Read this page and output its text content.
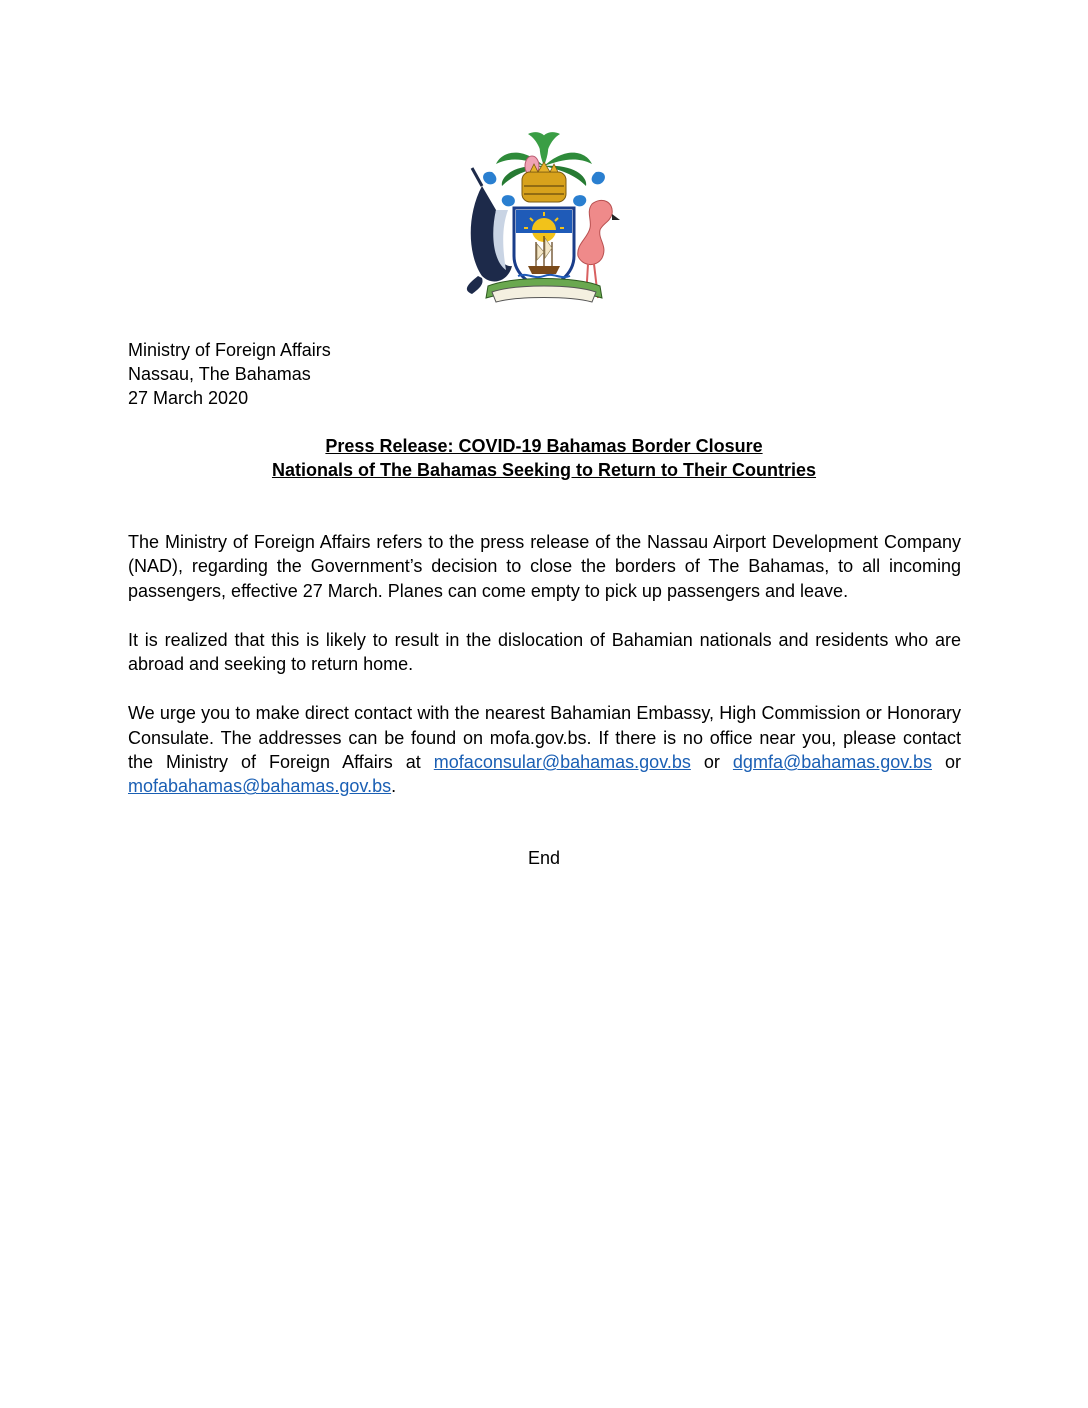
Ministry of Foreign Affairs
Nassau, The Bahamas
27 March 2020
Press Release: COVID-19 Bahamas Border Closure
Nationals of The Bahamas Seeking to Return to Their Countries

The Ministry of Foreign Affairs refers to the press release of the Nassau Airport Development Company (NAD), regarding the Government’s decision to close the borders of The Bahamas, to all incoming passengers, effective 27 March. Planes can come empty to pick up passengers and leave.

It is realized that this is likely to result in the dislocation of Bahamian nationals and residents who are abroad and seeking to return home.

We urge you to make direct contact with the nearest Bahamian Embassy, High Commission or Honorary Consulate. The addresses can be found on mofa.gov.bs. If there is no office near you, please contact the Ministry of Foreign Affairs at mofaconsular@bahamas.gov.bs or dgmfa@bahamas.gov.bs or mofabahamas@bahamas.gov.bs.

End
